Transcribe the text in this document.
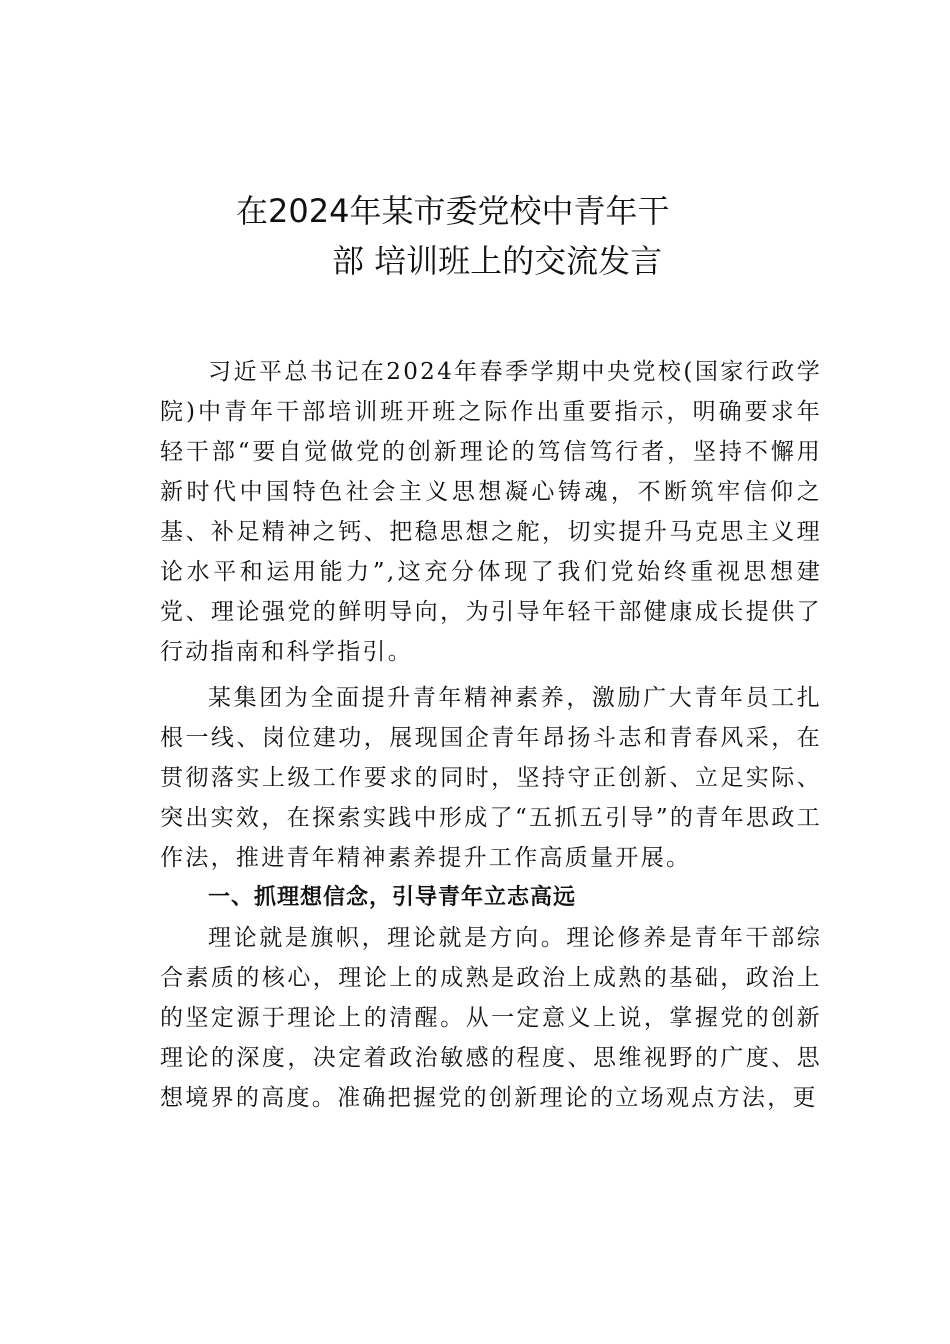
在2024年某市委党校中青年干
部 培训班上的交流发言

习近平总书记在2024年春季学期中央党校(国家行政学院)中青年干部培训班开班之际作出重要指示，明确要求年轻干部“要自觉做党的创新理论的笃信笃行者，坚持不懈用新时代中国特色社会主义思想凝心铸魂，不断筑牢信仰之基、补足精神之钙、把稳思想之舵，切实提升马克思主义理论水平和运用能力”,这充分体现了我们党始终重视思想建党、理论强党的鲜明导向，为引导年轻干部健康成长提供了行动指南和科学指引。

某集团为全面提升青年精神素养，激励广大青年员工扎根一线、岗位建功，展现国企青年昂扬斗志和青春风采，在贯彻落实上级工作要求的同时，坚持守正创新、立足实际、突出实效，在探索实践中形成了“五抓五引导”的青年思政工作法，推进青年精神素养提升工作高质量开展。

一、抓理想信念，引导青年立志高远

理论就是旗帜，理论就是方向。理论修养是青年干部综合素质的核心，理论上的成熟是政治上成熟的基础，政治上的坚定源于理论上的清醒。从一定意义上说，掌握党的创新理论的深度，决定着政治敏感的程度、思维视野的广度、思想境界的高度。准确把握党的创新理论的立场观点方法，更
